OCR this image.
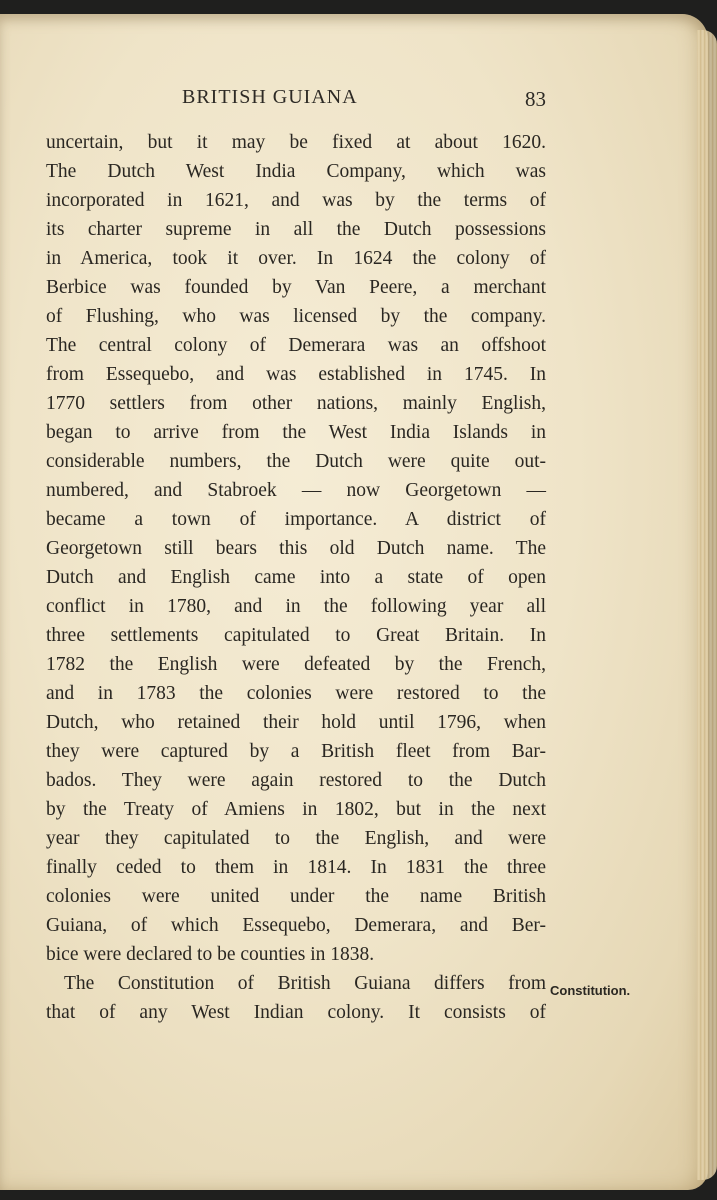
BRITISH GUIANA	83
uncertain, but it may be fixed at about 1620.
The Dutch West India Company, which was
incorporated in 1621, and was by the terms of
its charter supreme in all the Dutch possessions
in America, took it over. In 1624 the colony of
Berbice was founded by Van Peere, a merchant
of Flushing, who was licensed by the company.
The central colony of Demerara was an offshoot
from Essequebo, and was established in 1745. In
1770 settlers from other nations, mainly English,
began to arrive from the West India Islands in
considerable numbers, the Dutch were quite out-
numbered, and Stabroek — now Georgetown —
became a town of importance. A district of
Georgetown still bears this old Dutch name. The
Dutch and English came into a state of open
conflict in 1780, and in the following year all
three settlements capitulated to Great Britain. In
1782 the English were defeated by the French,
and in 1783 the colonies were restored to the
Dutch, who retained their hold until 1796, when
they were captured by a British fleet from Bar-
bados. They were again restored to the Dutch
by the Treaty of Amiens in 1802, but in the next
year they capitulated to the English, and were
finally ceded to them in 1814. In 1831 the three
colonies were united under the name British
Guiana, of which Essequebo, Demerara, and Ber-
bice were declared to be counties in 1838.
The Constitution of British Guiana differs from
that of any West Indian colony. It consists of
Constitution.
